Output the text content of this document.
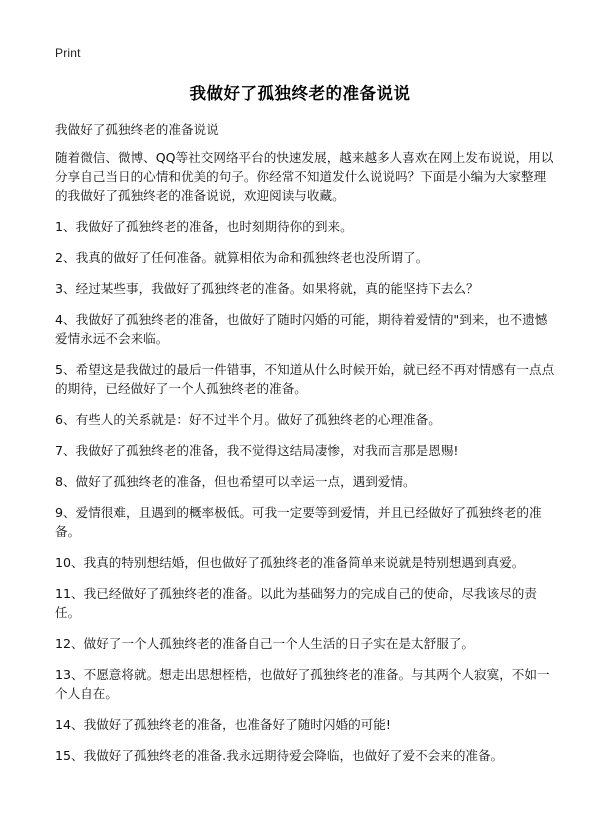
Print
我做好了孤独终老的准备说说

我做好了孤独终老的准备说说

随着微信、微博、QQ等社交网络平台的快速发展，越来越多人喜欢在网上发布说说，用以分享自己当日的心情和优美的句子。你经常不知道发什么说说吗？下面是小编为大家整理的我做好了孤独终老的准备说说，欢迎阅读与收藏。

1、我做好了孤独终老的准备，也时刻期待你的到来。

2、我真的做好了任何准备。就算相依为命和孤独终老也没所谓了。

3、经过某些事，我做好了孤独终老的准备。如果将就，真的能坚持下去么？

4、我做好了孤独终老的准备，也做好了随时闪婚的可能，期待着爱情的"到来，也不遗憾爱情永远不会来临。

5、希望这是我做过的最后一件错事，不知道从什么时候开始，就已经不再对情感有一点点的期待，已经做好了一个人孤独终老的准备。

6、有些人的关系就是：好不过半个月。做好了孤独终老的心理准备。

7、我做好了孤独终老的准备，我不觉得这结局凄惨，对我而言那是恩赐!

8、做好了孤独终老的准备，但也希望可以幸运一点，遇到爱情。

9、爱情很难，且遇到的概率极低。可我一定要等到爱情，并且已经做好了孤独终老的准备。

10、我真的特别想结婚，但也做好了孤独终老的准备简单来说就是特别想遇到真爱。

11、我已经做好了孤独终老的准备。以此为基础努力的完成自己的使命，尽我该尽的责任。

12、做好了一个人孤独终老的准备自己一个人生活的日子实在是太舒服了。

13、不愿意将就。想走出思想桎梏，也做好了孤独终老的准备。与其两个人寂寞，不如一个人自在。

14、我做好了孤独终老的准备，也准备好了随时闪婚的可能!

15、我做好了孤独终老的准备.我永远期待爱会降临，也做好了爱不会来的准备。
